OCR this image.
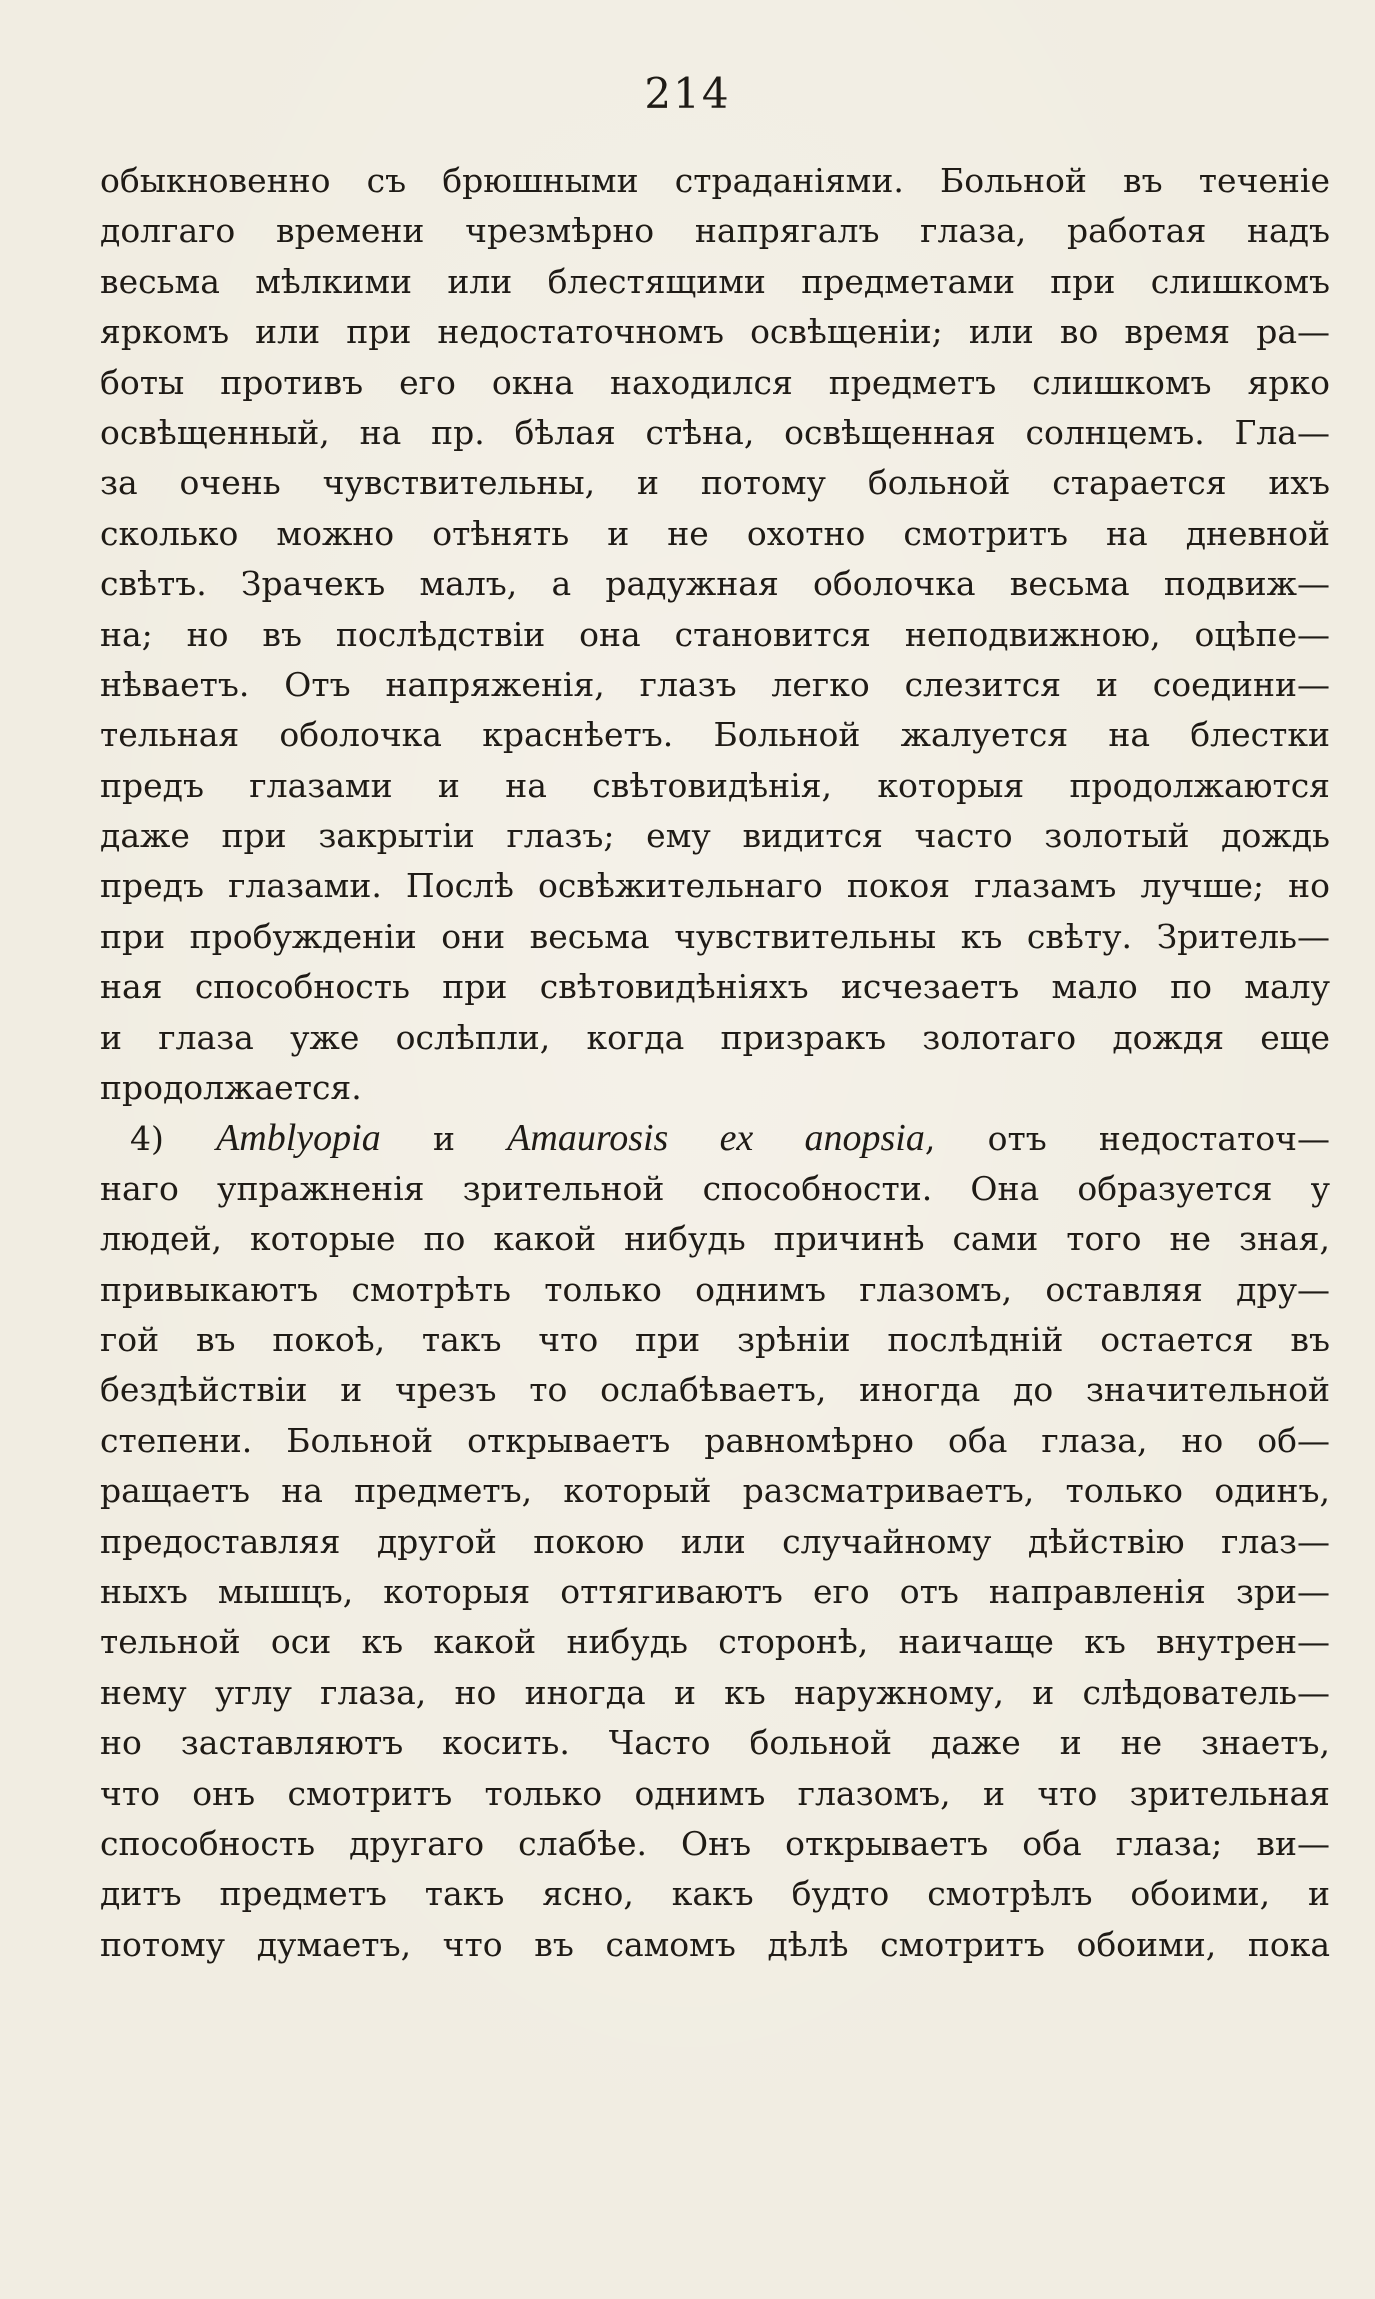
214
обыкновенно съ брюшными страданіями. Больной въ теченіе
долгаго времени чрезмѣрно напрягалъ глаза, работая надъ
весьма мѣлкими или блестящими предметами при слишкомъ
яркомъ или при недостаточномъ освѣщеніи; или во время ра—
боты противъ его окна находился предметъ слишкомъ ярко
освѣщенный, на пр. бѣлая стѣна, освѣщенная солнцемъ. Гла—
за очень чувствительны, и потому больной старается ихъ
сколько можно отѣнять и не охотно смотритъ на дневной
свѣтъ. Зрачекъ малъ, а радужная оболочка весьма подвиж—
на; но въ послѣдствіи она становится неподвижною, оцѣпе—
нѣваетъ. Отъ напряженія, глазъ легко слезится и соедини—
тельная оболочка краснѣетъ. Больной жалуется на блестки
предъ глазами и на свѣтовидѣнія, которыя продолжаются
даже при закрытіи глазъ; ему видится часто золотый дождь
предъ глазами. Послѣ освѣжительнаго покоя глазамъ лучше; но
при пробужденіи они весьма чувствительны къ свѣту. Зритель—
ная способность при свѣтовидѣніяхъ исчезаетъ мало по малу
и глаза уже ослѣпли, когда призракъ золотаго дождя еще
продолжается.
4) Amblyopia и Amaurosis ex anopsia, отъ недостаточ—
наго упражненія зрительной способности. Она образуется у
людей, которые по какой нибудь причинѣ сами того не зная,
привыкаютъ смотрѣть только однимъ глазомъ, оставляя дру—
гой въ покоѣ, такъ что при зрѣніи послѣдній остается въ
бездѣйствіи и чрезъ то ослабѣваетъ, иногда до значительной
степени. Больной открываетъ равномѣрно оба глаза, но об—
ращаетъ на предметъ, который разсматриваетъ, только одинъ,
предоставляя другой покою или случайному дѣйствію глаз—
ныхъ мышцъ, которыя оттягиваютъ его отъ направленія зри—
тельной оси къ какой нибудь сторонѣ, наичаще къ внутрен—
нему углу глаза, но иногда и къ наружному, и слѣдователь—
но заставляютъ косить. Часто больной даже и не знаетъ,
что онъ смотритъ только однимъ глазомъ, и что зрительная
способность другаго слабѣе. Онъ открываетъ оба глаза; ви—
дитъ предметъ такъ ясно, какъ будто смотрѣлъ обоими, и
потому думаетъ, что въ самомъ дѣлѣ смотритъ обоими, пока
